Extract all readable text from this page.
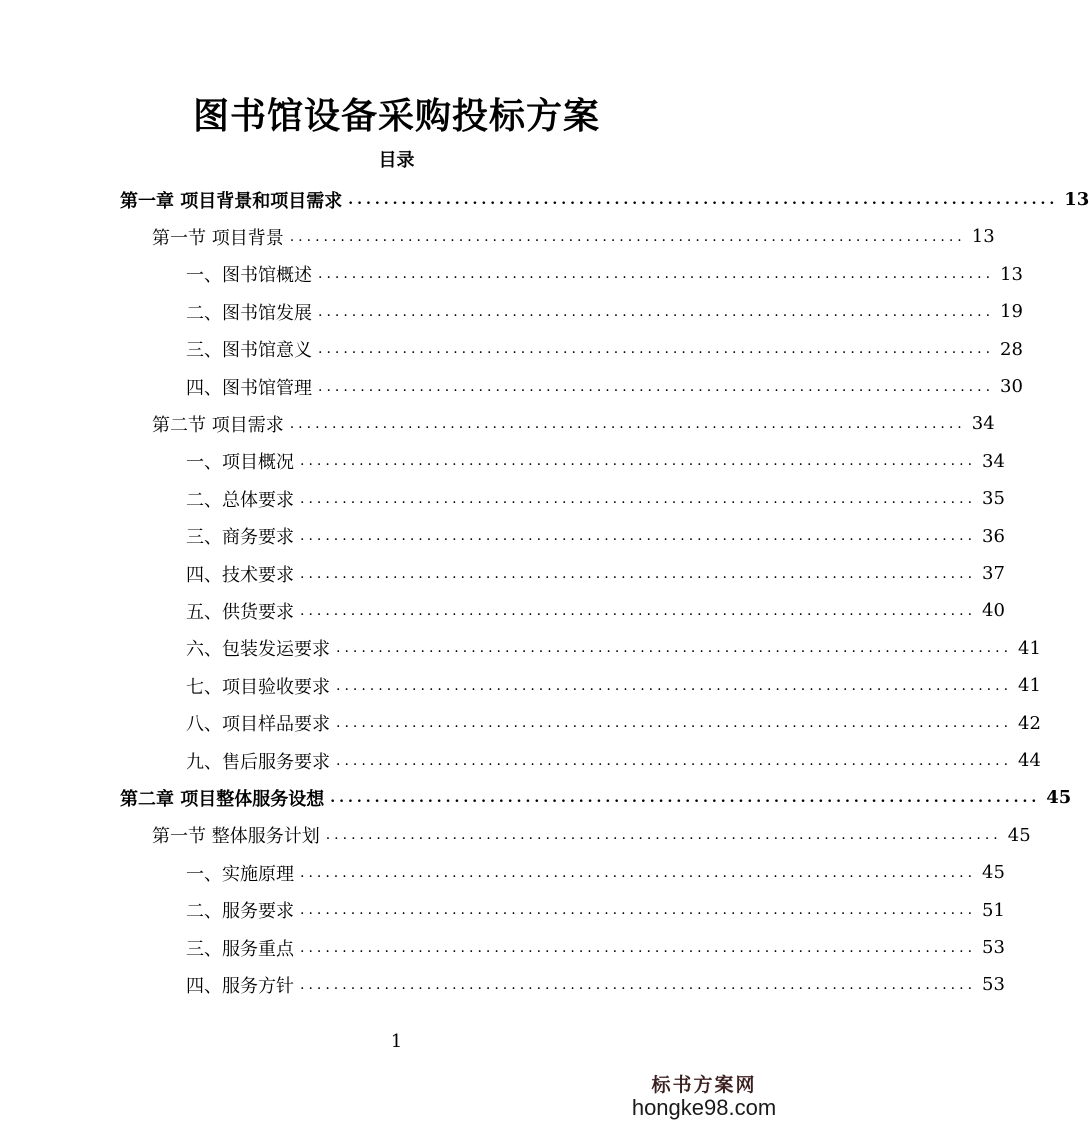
图书馆设备采购投标方案
目录
第一章 项目背景和项目需求 ................................................................................ 13
第一节 项目背景 ................................................................................ 13
一、图书馆概述 ................................................................................ 13
二、图书馆发展 ................................................................................ 19
三、图书馆意义 ................................................................................ 28
四、图书馆管理 ................................................................................ 30
第二节 项目需求 ................................................................................ 34
一、项目概况 ................................................................................ 34
二、总体要求 ................................................................................ 35
三、商务要求 ................................................................................ 36
四、技术要求 ................................................................................ 37
五、供货要求 ................................................................................ 40
六、包装发运要求 ................................................................................ 41
七、项目验收要求 ................................................................................ 41
八、项目样品要求 ................................................................................ 42
九、售后服务要求 ................................................................................ 44
第二章 项目整体服务设想 ................................................................................ 45
第一节 整体服务计划 ................................................................................ 45
一、实施原理 ................................................................................ 45
二、服务要求 ................................................................................ 51
三、服务重点 ................................................................................ 53
四、服务方针 ................................................................................ 53
1
标书方案网
hongke98.com
